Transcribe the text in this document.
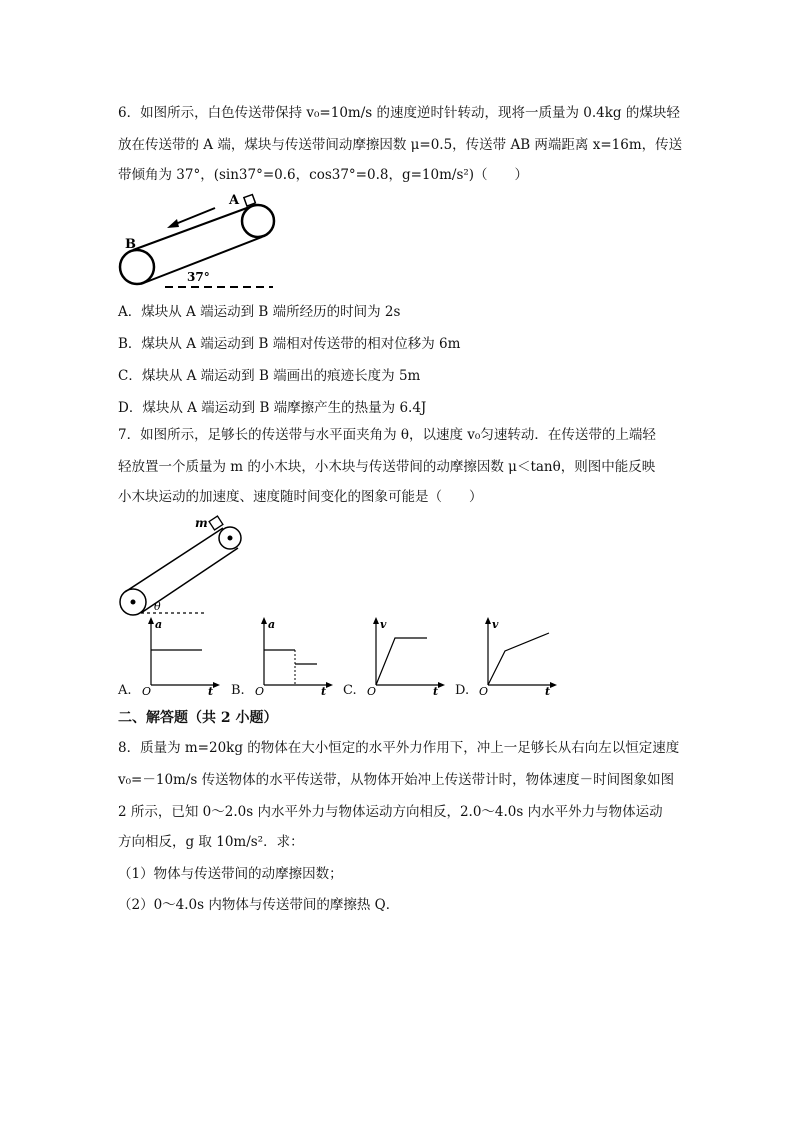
6．如图所示，白色传送带保持 v₀=10m/s 的速度逆时针转动，现将一质量为 0.4kg 的煤块轻
放在传送带的 A 端，煤块与传送带间动摩擦因数 μ=0.5，传送带 AB 两端距离 x=16m，传送
带倾角为 37°，(sin37°=0.6，cos37°=0.8，g=10m/s²)（　　）
A
B
37°
A．煤块从 A 端运动到 B 端所经历的时间为 2s
B．煤块从 A 端运动到 B 端相对传送带的相对位移为 6m
C．煤块从 A 端运动到 B 端画出的痕迹长度为 5m
D．煤块从 A 端运动到 B 端摩擦产生的热量为 6.4J
7．如图所示，足够长的传送带与水平面夹角为 θ，以速度 v₀匀速转动．在传送带的上端轻
轻放置一个质量为 m 的小木块，小木块与传送带间的动摩擦因数 μ＜tanθ，则图中能反映
小木块运动的加速度、速度随时间变化的图象可能是（　　）
m
θ
A.
a
O	t B.
a
O	t C.
v
O	t D.
v
O	t
二、解答题（共 2 小题）
8．质量为 m=20kg 的物体在大小恒定的水平外力作用下，冲上一足够长从右向左以恒定速度
v₀=－10m/s 传送物体的水平传送带，从物体开始冲上传送带计时，物体速度－时间图象如图
2 所示，已知 0～2.0s 内水平外力与物体运动方向相反，2.0～4.0s 内水平外力与物体运动
方向相反，g 取 10m/s²．求：
（1）物体与传送带间的动摩擦因数；
（2）0～4.0s 内物体与传送带间的摩擦热 Q．
